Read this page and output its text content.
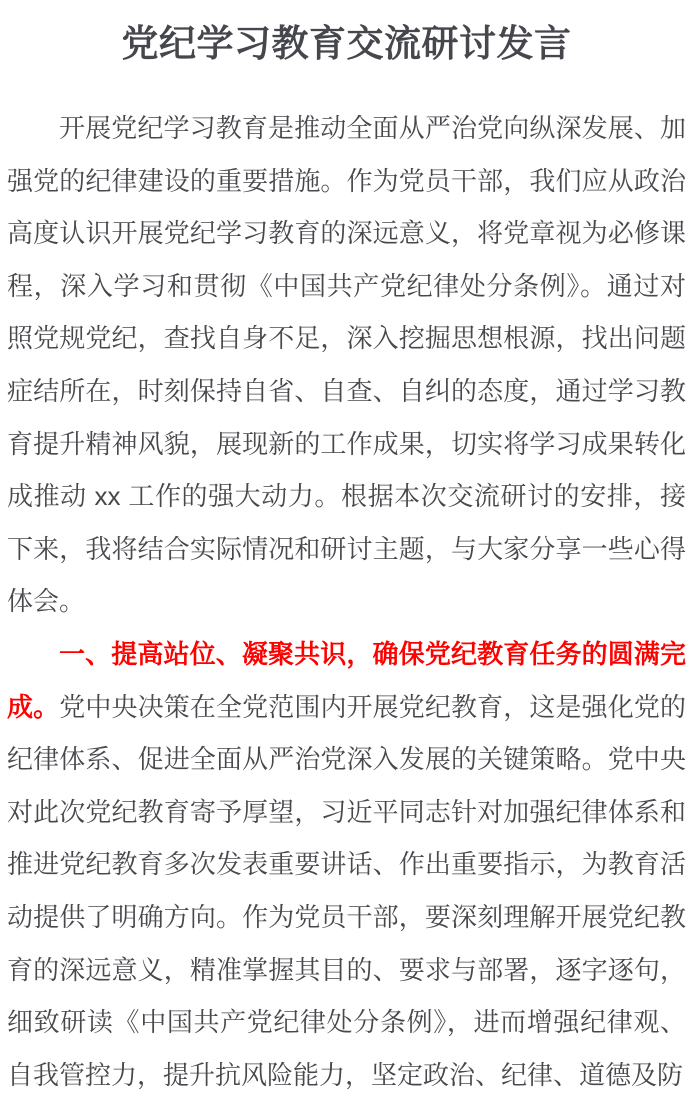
党纪学习教育交流研讨发言

开展党纪学习教育是推动全面从严治党向纵深发展、加强党的纪律建设的重要措施。作为党员干部，我们应从政治高度认识开展党纪学习教育的深远意义，将党章视为必修课程，深入学习和贯彻《中国共产党纪律处分条例》。通过对照党规党纪，查找自身不足，深入挖掘思想根源，找出问题症结所在，时刻保持自省、自查、自纠的态度，通过学习教育提升精神风貌，展现新的工作成果，切实将学习成果转化成推动 xx 工作的强大动力。根据本次交流研讨的安排，接下来，我将结合实际情况和研讨主题，与大家分享一些心得体会。

一、提高站位、凝聚共识，确保党纪教育任务的圆满完成。党中央决策在全党范围内开展党纪教育，这是强化党的纪律体系、促进全面从严治党深入发展的关键策略。党中央对此次党纪教育寄予厚望，习近平同志针对加强纪律体系和推进党纪教育多次发表重要讲话、作出重要指示，为教育活动提供了明确方向。作为党员干部，要深刻理解开展党纪教育的深远意义，精准掌握其目的、要求与部署，逐字逐句，细致研读《中国共产党纪律处分条例》，进而增强纪律观、自我管控力，提升抗风险能力，坚定政治、纪律、道德及防
